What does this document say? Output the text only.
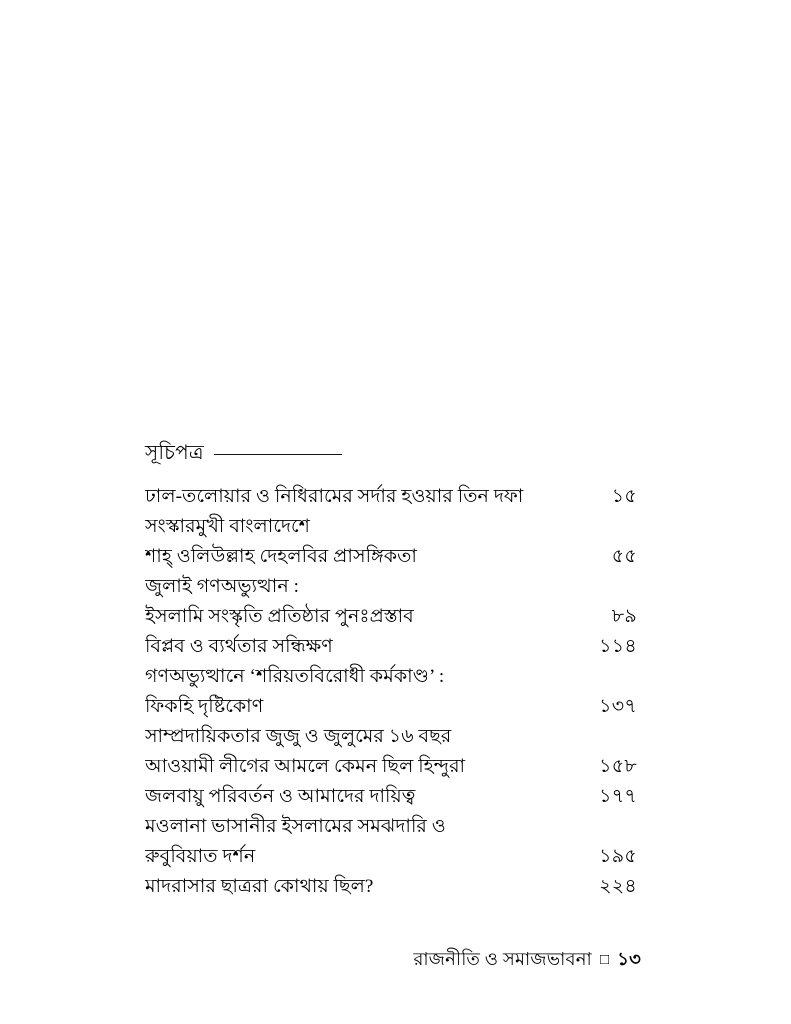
সূচিপত্র
ঢাল-তলোয়ার ও নিধিরামের সর্দার হওয়ার তিন দফা	১৫
সংস্কারমুখী বাংলাদেশে
শাহ্ ওলিউল্লাহ দেহলবির প্রাসঙ্গিকতা	৫৫
জুলাই গণঅভ্যুত্থান :
ইসলামি সংস্কৃতি প্রতিষ্ঠার পুনঃপ্রস্তাব	৮৯
বিপ্লব ও ব্যর্থতার সন্ধিক্ষণ	১১৪
গণঅভ্যুত্থানে ‘শরিয়তবিরোধী কর্মকাণ্ড’ :
ফিকহি দৃষ্টিকোণ	১৩৭
সাম্প্রদায়িকতার জুজু ও জুলুমের ১৬ বছর
আওয়ামী লীগের আমলে কেমন ছিল হিন্দুরা	১৫৮
জলবায়ু পরিবর্তন ও আমাদের দায়িত্ব	১৭৭
মওলানা ভাসানীর ইসলামের সমঝদারি ও
রুবুবিয়াত দর্শন	১৯৫
মাদরাসার ছাত্ররা কোথায় ছিল?	২২৪
রাজনীতি ও সমাজভাবনা □ ১৩
